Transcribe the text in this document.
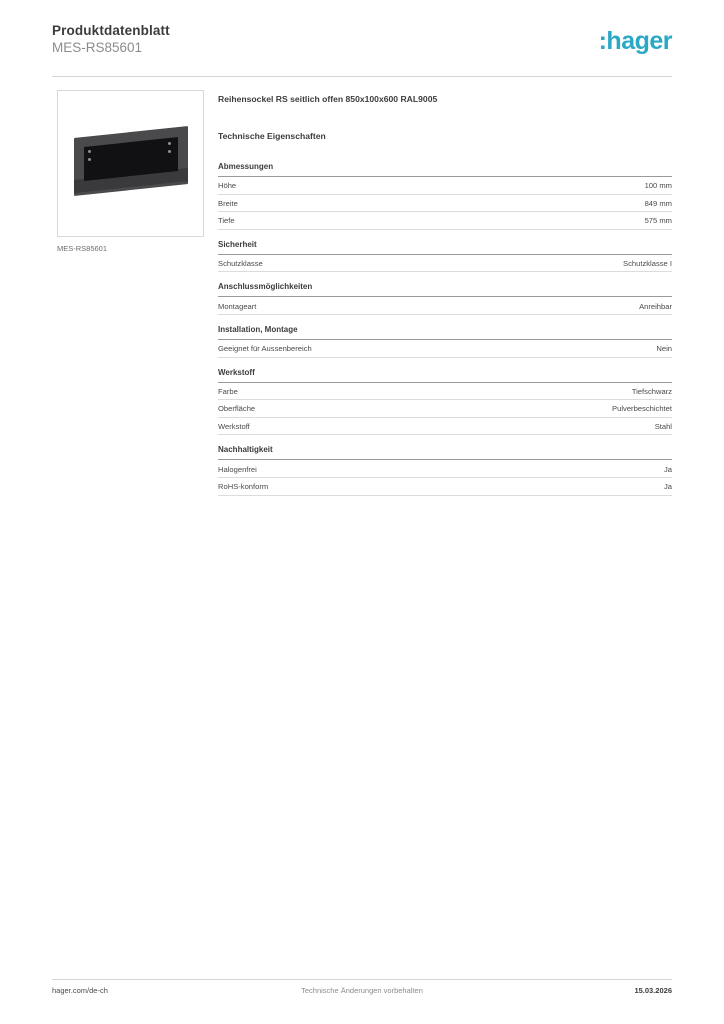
Produktdatenblatt
MES-RS85601	:hager
MES-RS85601
Reihensockel RS seitlich offen 850x100x600 RAL9005
Technische Eigenschaften
Abmessungen
Höhe	100 mm
Breite	849 mm
Tiefe	575 mm
Sicherheit
Schutzklasse	Schutzklasse I
Anschlussmöglichkeiten
Montageart	Anreihbar
Installation, Montage
Geeignet für Aussenbereich	Nein
Werkstoff
Farbe	Tiefschwarz
Oberfläche	Pulverbeschichtet
Werkstoff	Stahl
Nachhaltigkeit
Halogenfrei	Ja
RoHS-konform	Ja
hager.com/de-ch	Technische Änderungen vorbehalten	15.03.2026
